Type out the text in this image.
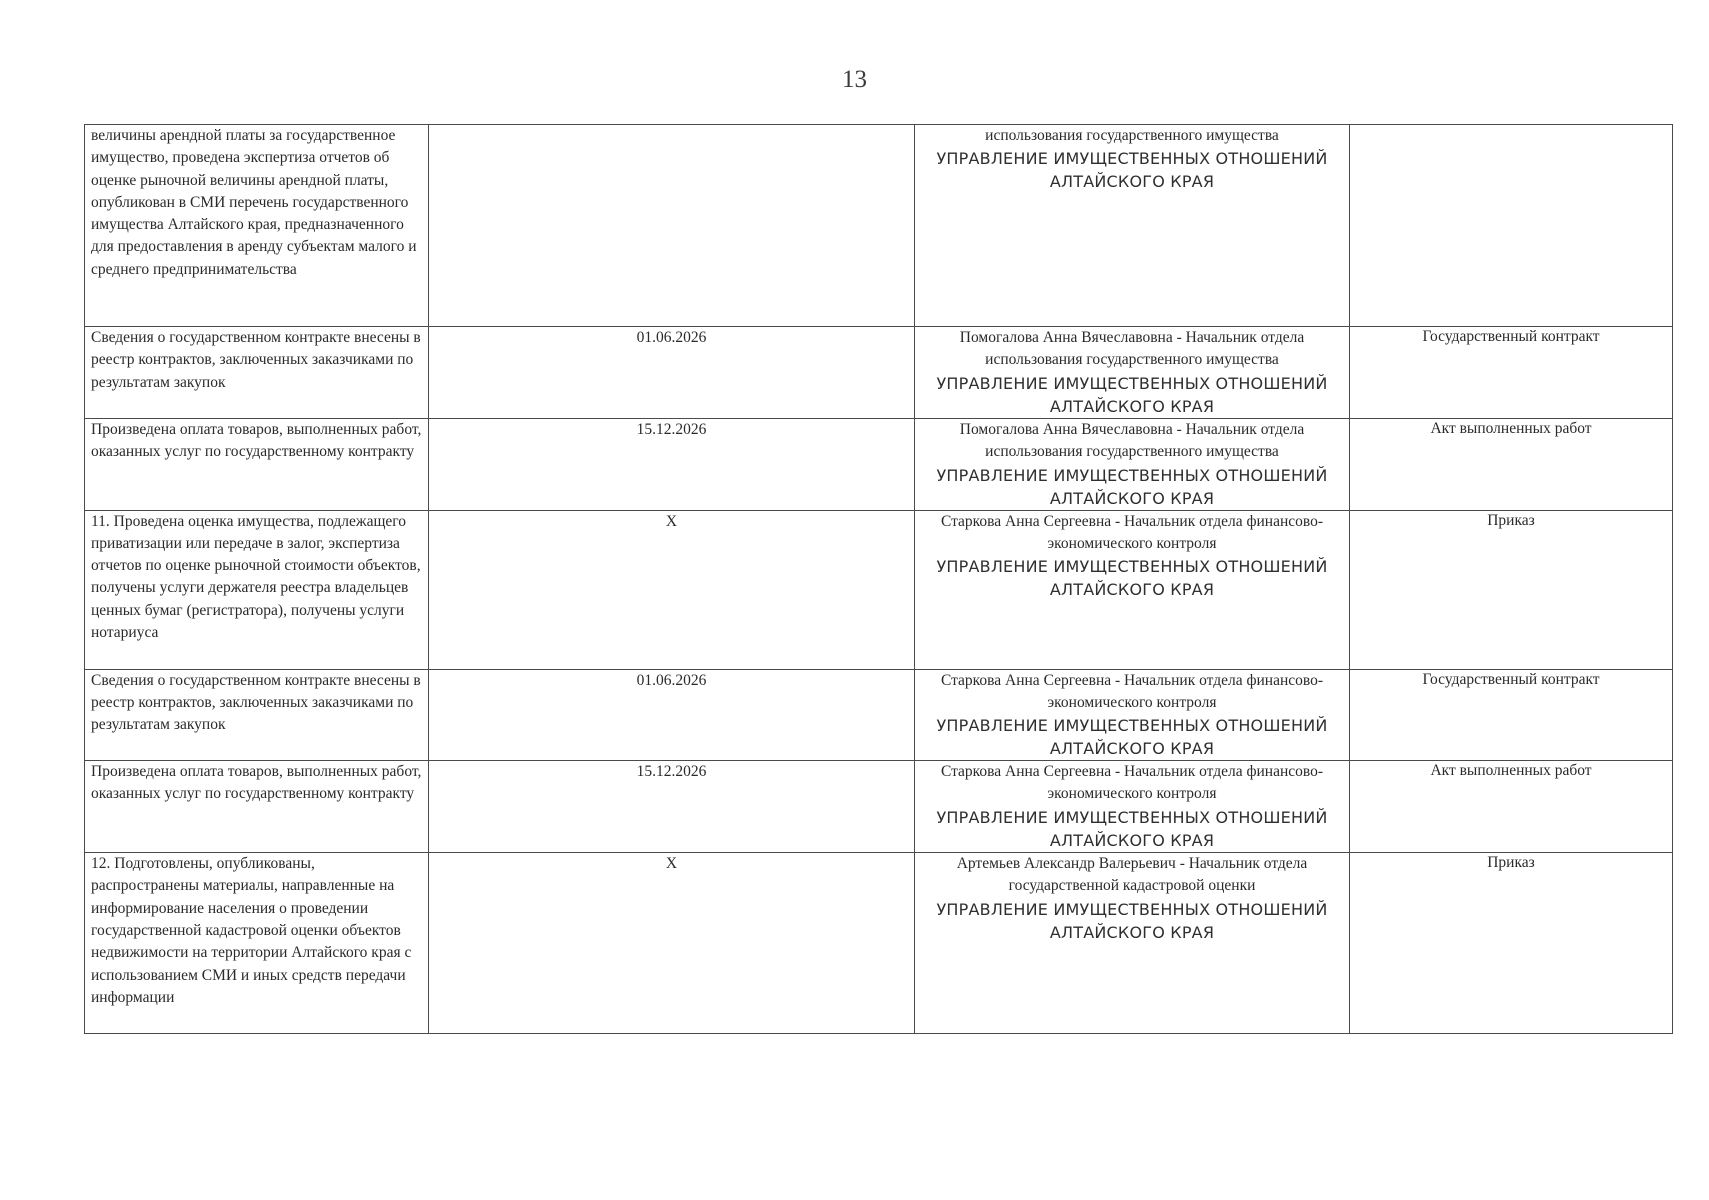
13
величины арендной платы за государственное имущество, проведена экспертиза отчетов об оценке рыночной величины арендной платы, опубликован в СМИ перечень государственного имущества Алтайского края, предназначенного для предоставления в аренду субъектам малого и среднего предпринимательства		использования государственного имущества
УПРАВЛЕНИЕ ИМУЩЕСТВЕННЫХ ОТНОШЕНИЙ АЛТАЙСКОГО КРАЯ	

Сведения о государственном контракте внесены в реестр контрактов, заключенных заказчиками по результатам закупок	01.06.2026	Помогалова Анна Вячеславовна - Начальник отдела использования государственного имущества
УПРАВЛЕНИЕ ИМУЩЕСТВЕННЫХ ОТНОШЕНИЙ АЛТАЙСКОГО КРАЯ	Государственный контракт

Произведена оплата товаров, выполненных работ, оказанных услуг по государственному контракту	15.12.2026	Помогалова Анна Вячеславовна - Начальник отдела использования государственного имущества
УПРАВЛЕНИЕ ИМУЩЕСТВЕННЫХ ОТНОШЕНИЙ АЛТАЙСКОГО КРАЯ	Акт выполненных работ

11. Проведена оценка имущества, подлежащего приватизации или передаче в залог, экспертиза отчетов по оценке рыночной стоимости объектов, получены услуги держателя реестра владельцев ценных бумаг (регистратора), получены услуги нотариуса	X	Старкова Анна Сергеевна - Начальник отдела финансово-экономического контроля
УПРАВЛЕНИЕ ИМУЩЕСТВЕННЫХ ОТНОШЕНИЙ АЛТАЙСКОГО КРАЯ	Приказ

Сведения о государственном контракте внесены в реестр контрактов, заключенных заказчиками по результатам закупок	01.06.2026	Старкова Анна Сергеевна - Начальник отдела финансово-экономического контроля
УПРАВЛЕНИЕ ИМУЩЕСТВЕННЫХ ОТНОШЕНИЙ АЛТАЙСКОГО КРАЯ	Государственный контракт

Произведена оплата товаров, выполненных работ, оказанных услуг по государственному контракту	15.12.2026	Старкова Анна Сергеевна - Начальник отдела финансово-экономического контроля
УПРАВЛЕНИЕ ИМУЩЕСТВЕННЫХ ОТНОШЕНИЙ АЛТАЙСКОГО КРАЯ	Акт выполненных работ

12. Подготовлены, опубликованы, распространены материалы, направленные на информирование населения о проведении государственной кадастровой оценки объектов недвижимости на территории Алтайского края с использованием СМИ и иных средств передачи информации	X	Артемьев Александр Валерьевич - Начальник отдела государственной кадастровой оценки
УПРАВЛЕНИЕ ИМУЩЕСТВЕННЫХ ОТНОШЕНИЙ АЛТАЙСКОГО КРАЯ	Приказ
